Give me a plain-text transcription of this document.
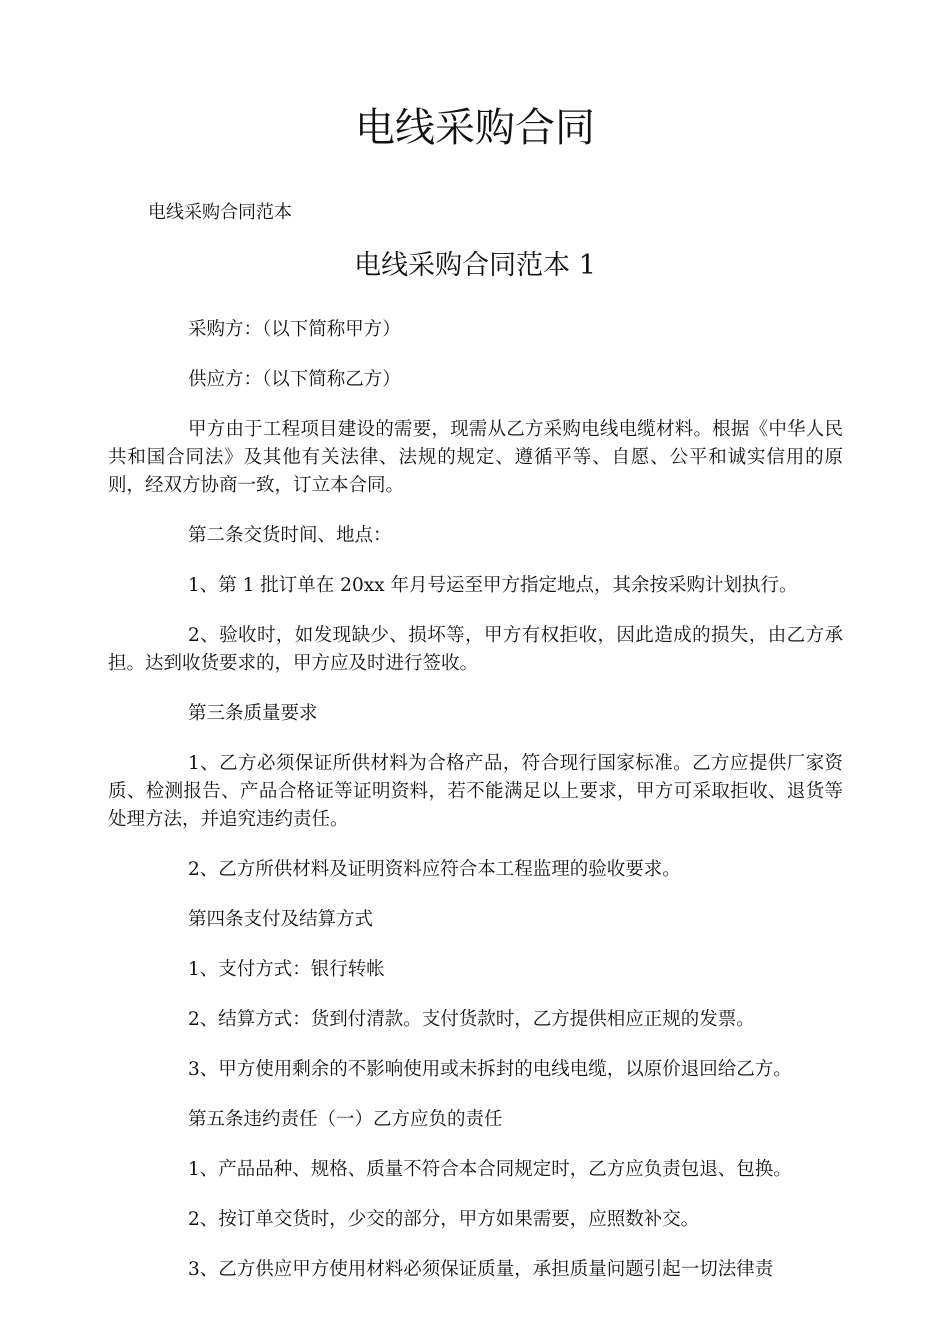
电线采购合同

电线采购合同范本

电线采购合同范本 1

采购方：（以下简称甲方）

供应方：（以下简称乙方）

甲方由于工程项目建设的需要，现需从乙方采购电线电缆材料。根据《中华人民共和国合同法》及其他有关法律、法规的规定、遵循平等、自愿、公平和诚实信用的原则，经双方协商一致，订立本合同。

第二条交货时间、地点：

1、第 1 批订单在 20xx 年月号运至甲方指定地点，其余按采购计划执行。

2、验收时，如发现缺少、损坏等，甲方有权拒收，因此造成的损失，由乙方承担。达到收货要求的，甲方应及时进行签收。

第三条质量要求

1、乙方必须保证所供材料为合格产品，符合现行国家标准。乙方应提供厂家资质、检测报告、产品合格证等证明资料，若不能满足以上要求，甲方可采取拒收、退货等处理方法，并追究违约责任。

2、乙方所供材料及证明资料应符合本工程监理的验收要求。

第四条支付及结算方式

1、支付方式：银行转帐

2、结算方式：货到付清款。支付货款时，乙方提供相应正规的发票。

3、甲方使用剩余的不影响使用或未拆封的电线电缆，以原价退回给乙方。

第五条违约责任（一）乙方应负的责任

1、产品品种、规格、质量不符合本合同规定时，乙方应负责包退、包换。

2、按订单交货时，少交的部分，甲方如果需要，应照数补交。

3、乙方供应甲方使用材料必须保证质量，承担质量问题引起一切法律责
